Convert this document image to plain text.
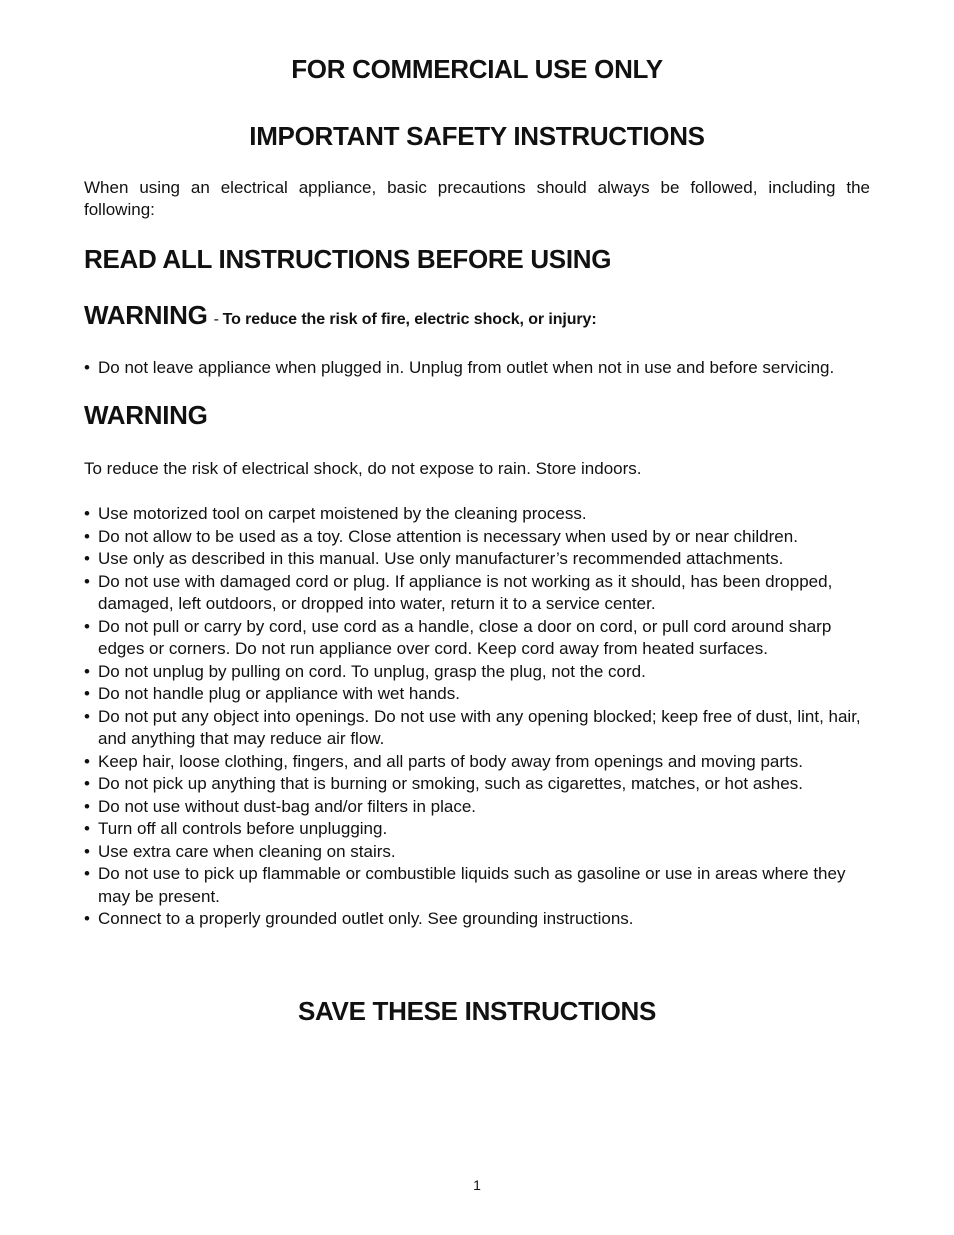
FOR COMMERCIAL USE ONLY
IMPORTANT SAFETY INSTRUCTIONS

When using an electrical appliance, basic precautions should always be followed, including the following:

READ ALL INSTRUCTIONS BEFORE USING
WARNING - To reduce the risk of fire, electric shock, or injury:
• Do not leave appliance when plugged in. Unplug from outlet when not in use and before servicing.
WARNING

To reduce the risk of electrical shock, do not expose to rain. Store indoors.

• Use motorized tool on carpet moistened by the cleaning process.
• Do not allow to be used as a toy. Close attention is necessary when used by or near children.
• Use only as described in this manual. Use only manufacturer’s recommended attachments.
• Do not use with damaged cord or plug. If appliance is not working as it should, has been dropped, damaged, left outdoors, or dropped into water, return it to a service center.
• Do not pull or carry by cord, use cord as a handle, close a door on cord, or pull cord around sharp edges or corners. Do not run appliance over cord. Keep cord away from heated surfaces.
• Do not unplug by pulling on cord. To unplug, grasp the plug, not the cord.
• Do not handle plug or appliance with wet hands.
• Do not put any object into openings. Do not use with any opening blocked; keep free of dust, lint, hair, and anything that may reduce air flow.
• Keep hair, loose clothing, fingers, and all parts of body away from openings and moving parts.
• Do not pick up anything that is burning or smoking, such as cigarettes, matches, or hot ashes.
• Do not use without dust-bag and/or filters in place.
• Turn off all controls before unplugging.
• Use extra care when cleaning on stairs.
• Do not use to pick up flammable or combustible liquids such as gasoline or use in areas where they may be present.
• Connect to a properly grounded outlet only. See grounding instructions.
SAVE THESE INSTRUCTIONS
1
